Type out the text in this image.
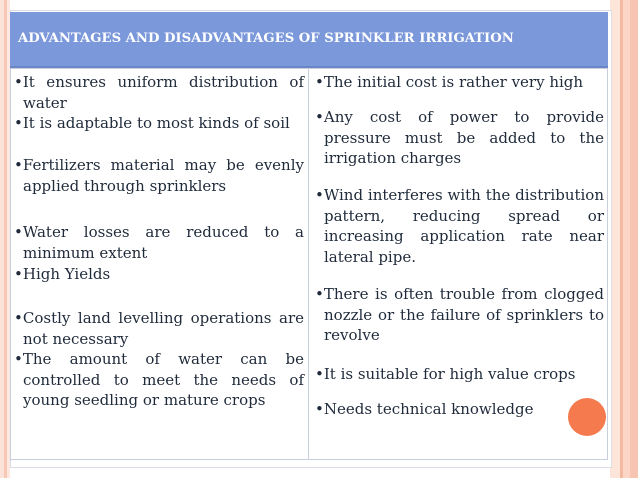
ADVANTAGES AND DISADVANTAGES OF SPRINKLER IRRIGATION
•It ensures uniform distribution of water
•It is adaptable to most kinds of soil
•Fertilizers material may be evenly applied through sprinklers
•Water losses are reduced to a minimum extent
•High Yields
•Costly land levelling operations are not necessary
•The amount of water can be controlled to meet the needs of young seedling or mature crops
•The initial cost is rather very high
•Any cost of power to provide pressure must be added to the irrigation charges
•Wind interferes with the distribution pattern, reducing spread or increasing application rate near lateral pipe.
•There is often trouble from clogged nozzle or the failure of sprinklers to revolve
•It is suitable for high value crops
•Needs technical knowledge
